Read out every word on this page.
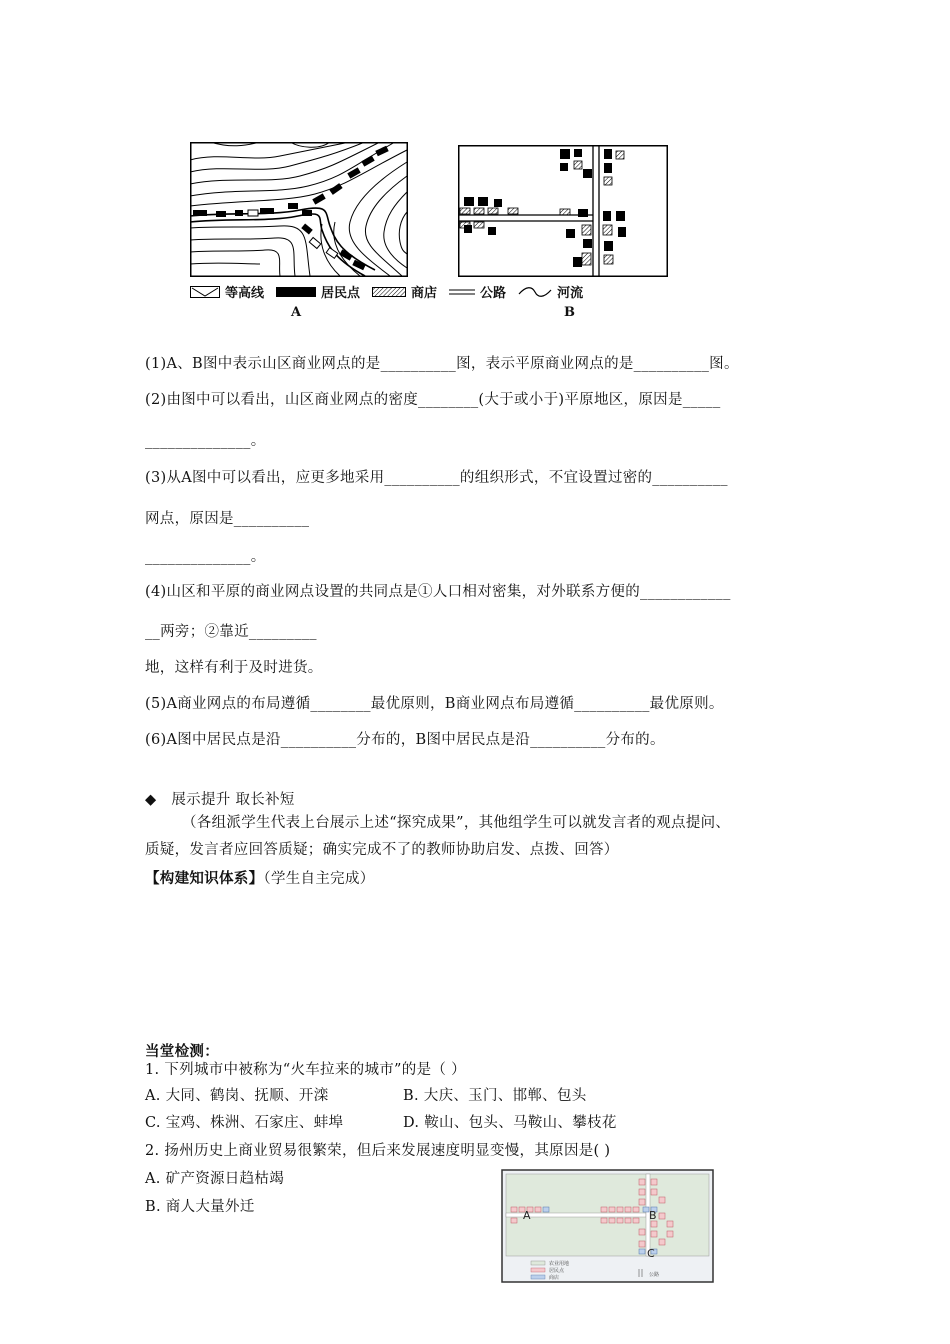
等高线	居民点	商店	公路	河流
A	B
(1)A、B图中表示山区商业网点的是__________图，表示平原商业网点的是__________图。
(2)由图中可以看出，山区商业网点的密度________(大于或小于)平原地区，原因是_____
______________。
(3)从A图中可以看出，应更多地采用__________的组织形式，不宜设置过密的__________
网点，原因是__________
______________。
(4)山区和平原的商业网点设置的共同点是①人口相对密集，对外联系方便的____________
__两旁；②靠近_________
地，这样有利于及时进货。
(5)A商业网点的布局遵循________最优原则，B商业网点布局遵循__________最优原则。
(6)A图中居民点是沿__________分布的，B图中居民点是沿__________分布的。
◆ 展示提升 取长补短
（各组派学生代表上台展示上述“探究成果”，其他组学生可以就发言者的观点提问、
质疑，发言者应回答质疑；确实完成不了的教师协助启发、点拨、回答）
【构建知识体系】（学生自主完成）
当堂检测：
1. 下列城市中被称为“火车拉来的城市”的是（ ）
A. 大同、鹤岗、抚顺、开滦	B. 大庆、玉门、邯郸、包头
C. 宝鸡、株洲、石家庄、蚌埠	D. 鞍山、包头、马鞍山、攀枝花
2. 扬州历史上商业贸易很繁荣，但后来发展速度明显变慢，其原因是( )
A. 矿产资源日趋枯竭
B. 商人大量外迁
A	B
C
农业用地
居民点
商店	公路
